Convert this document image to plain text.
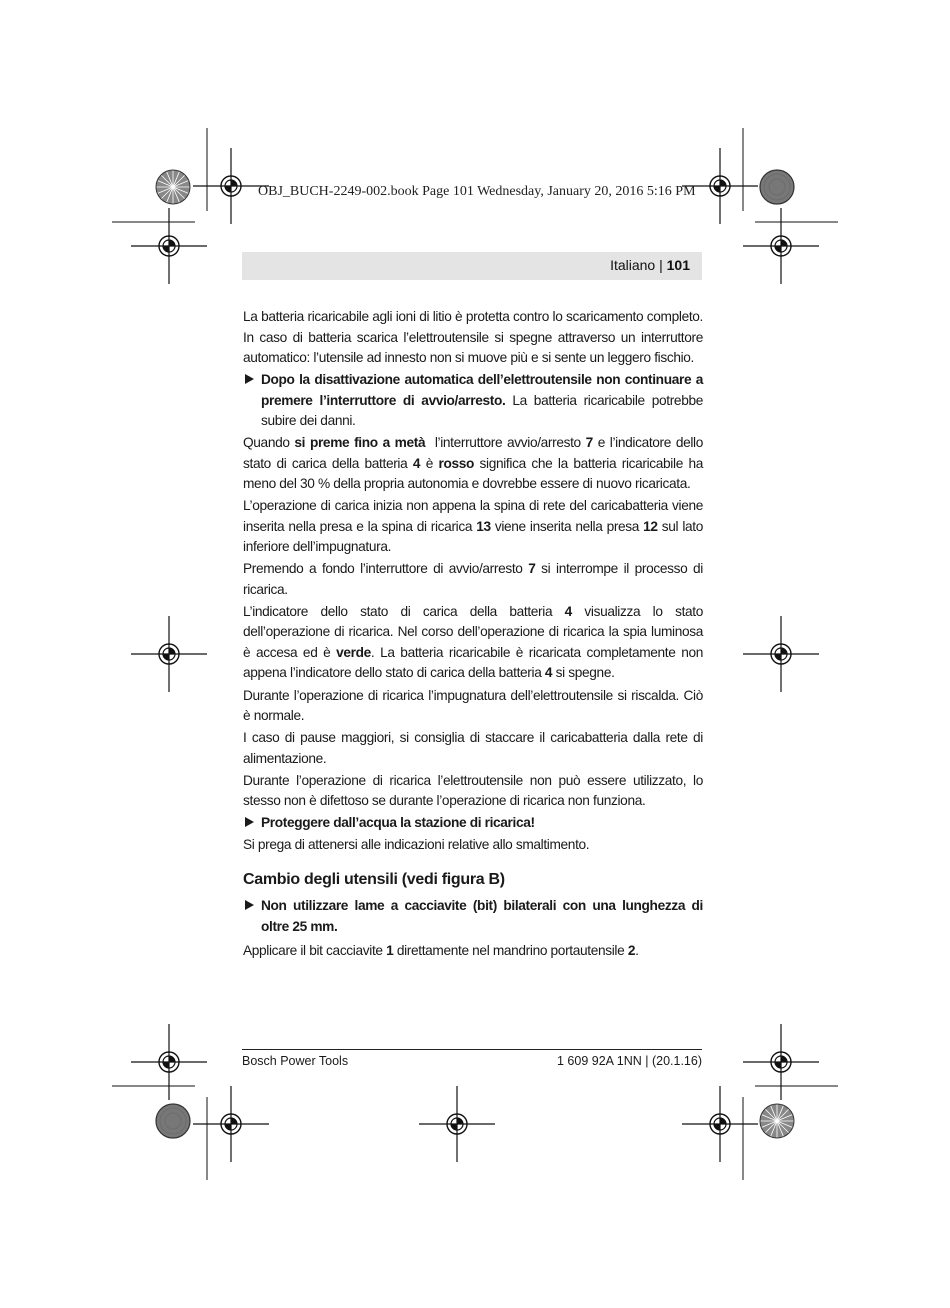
OBJ_BUCH-2249-002.book Page 101 Wednesday, January 20, 2016 5:16 PM
Italiano | 101

La batteria ricaricabile agli ioni di litio è protetta contro lo scaricamento completo. In caso di batteria scarica l’elettroutensile si spegne attraverso un interruttore automatico: l’utensile ad innesto non si muove più e si sente un leggero fischio.

Dopo la disattivazione automatica dell’elettroutensile non continuare a premere l’interruttore di avvio/arresto. La batteria ricaricabile potrebbe subire dei danni.

Quando si preme fino a metà  l’interruttore avvio/arresto 7 e l’indicatore dello stato di carica della batteria 4 è rosso significa che la batteria ricaricabile ha meno del 30 % della propria autonomia e dovrebbe essere di nuovo ricaricata.

L’operazione di carica inizia non appena la spina di rete del caricabatteria viene inserita nella presa e la spina di ricarica 13 viene inserita nella presa 12 sul lato inferiore dell’impugnatura.

Premendo a fondo l’interruttore di avvio/arresto 7 si interrompe il processo di ricarica.

L’indicatore dello stato di carica della batteria 4 visualizza lo stato dell’operazione di ricarica. Nel corso dell’operazione di ricarica la spia luminosa è accesa ed è verde. La batteria ricaricabile è ricaricata completamente non appena l’indicatore dello stato di carica della batteria 4 si spegne.

Durante l’operazione di ricarica l’impugnatura dell’elettroutensile si riscalda. Ciò è normale.

I caso di pause maggiori, si consiglia di staccare il caricabatteria dalla rete di alimentazione.

Durante l’operazione di ricarica l’elettroutensile non può essere utilizzato, lo stesso non è difettoso se durante l’operazione di ricarica non funziona.

Proteggere dall’acqua la stazione di ricarica!

Si prega di attenersi alle indicazioni relative allo smaltimento.

Cambio degli utensili (vedi figura B)
Non utilizzare lame a cacciavite (bit) bilaterali con una lunghezza di oltre 25 mm.

Applicare il bit cacciavite 1 direttamente nel mandrino portautensile 2.

Bosch Power Tools	1 609 92A 1NN | (20.1.16)
